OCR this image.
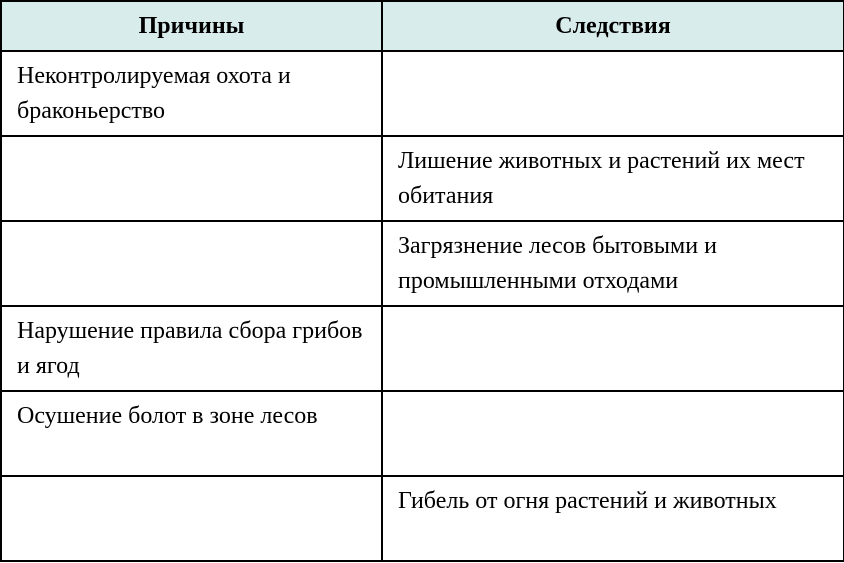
Причины	Следствия
Неконтролируемая охота и браконьерство	
	Лишение животных и растений их мест обитания
	Загрязнение лесов бытовыми и промышленными отходами
Нарушение правила сбора грибов и ягод	
Осушение болот в зоне лесов	
	Гибель от огня растений и животных
